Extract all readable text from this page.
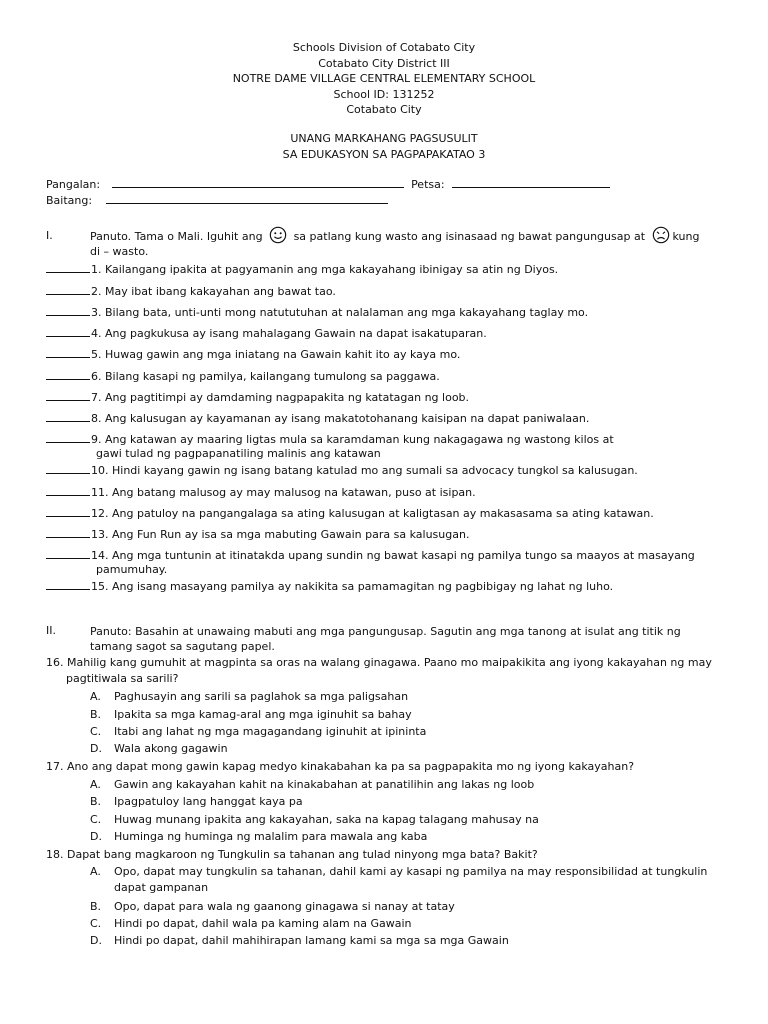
Schools Division of Cotabato City
Cotabato City District III
NOTRE DAME VILLAGE CENTRAL ELEMENTARY SCHOOL
School ID: 131252
Cotabato City
UNANG MARKAHANG PAGSUSULIT
SA EDUKASYON SA PAGPAPAKATAO 3
Pangalan:	Petsa:
Baitang:
I.	Panuto. Tama o Mali. Iguhit ang	sa patlang kung wasto ang isinasaad ng bawat pangungusap at	kung
di – wasto.
1. Kailangang ipakita at pagyamanin ang mga kakayahang ibinigay sa atin ng Diyos.
2. May ibat ibang kakayahan ang bawat tao.
3. Bilang bata, unti-unti mong natututuhan at nalalaman ang mga kakayahang taglay mo.
4. Ang pagkukusa ay isang mahalagang Gawain na dapat isakatuparan.
5. Huwag gawin ang mga iniatang na Gawain kahit ito ay kaya mo.
6. Bilang kasapi ng pamilya, kailangang tumulong sa paggawa.
7. Ang pagtitimpi ay damdaming nagpapakita ng katatagan ng loob.
8. Ang kalusugan ay kayamanan ay isang makatotohanang kaisipan na dapat paniwalaan.
9. Ang katawan ay maaring ligtas mula sa karamdaman kung nakagagawa ng wastong kilos at
gawi tulad ng pagpapanatiling malinis ang katawan
10. Hindi kayang gawin ng isang batang katulad mo ang sumali sa advocacy tungkol sa kalusugan.
11. Ang batang malusog ay may malusog na katawan, puso at isipan.
12. Ang patuloy na pangangalaga sa ating kalusugan at kaligtasan ay makasasama sa ating katawan.
13. Ang Fun Run ay isa sa mga mabuting Gawain para sa kalusugan.
14. Ang mga tuntunin at itinatakda upang sundin ng bawat kasapi ng pamilya tungo sa maayos at masayang
pamumuhay.
15. Ang isang masayang pamilya ay nakikita sa pamamagitan ng pagbibigay ng lahat ng luho.
II.	Panuto: Basahin at unawaing mabuti ang mga pangungusap. Sagutin ang mga tanong at isulat ang titik ng tamang sagot sa sagutang papel.
16. Mahilig kang gumuhit at magpinta sa oras na walang ginagawa. Paano mo maipakikita ang iyong kakayahan ng may
pagtitiwala sa sarili?
A. Paghusayin ang sarili sa paglahok sa mga paligsahan
B. Ipakita sa mga kamag-aral ang mga iginuhit sa bahay
C. Itabi ang lahat ng mga magagandang iginuhit at ipininta
D. Wala akong gagawin
17. Ano ang dapat mong gawin kapag medyo kinakabahan ka pa sa pagpapakita mo ng iyong kakayahan?
A. Gawin ang kakayahan kahit na kinakabahan at panatilihin ang lakas ng loob
B. Ipagpatuloy lang hanggat kaya pa
C. Huwag munang ipakita ang kakayahan, saka na kapag talagang mahusay na
D. Huminga ng huminga ng malalim para mawala ang kaba
18. Dapat bang magkaroon ng Tungkulin sa tahanan ang tulad ninyong mga bata? Bakit?
A. Opo, dapat may tungkulin sa tahanan, dahil kami ay kasapi ng pamilya na may responsibilidad at tungkulin dapat gampanan
B. Opo, dapat para wala ng gaanong ginagawa si nanay at tatay
C. Hindi po dapat, dahil wala pa kaming alam na Gawain
D. Hindi po dapat, dahil mahihirapan lamang kami sa mga sa mga Gawain
